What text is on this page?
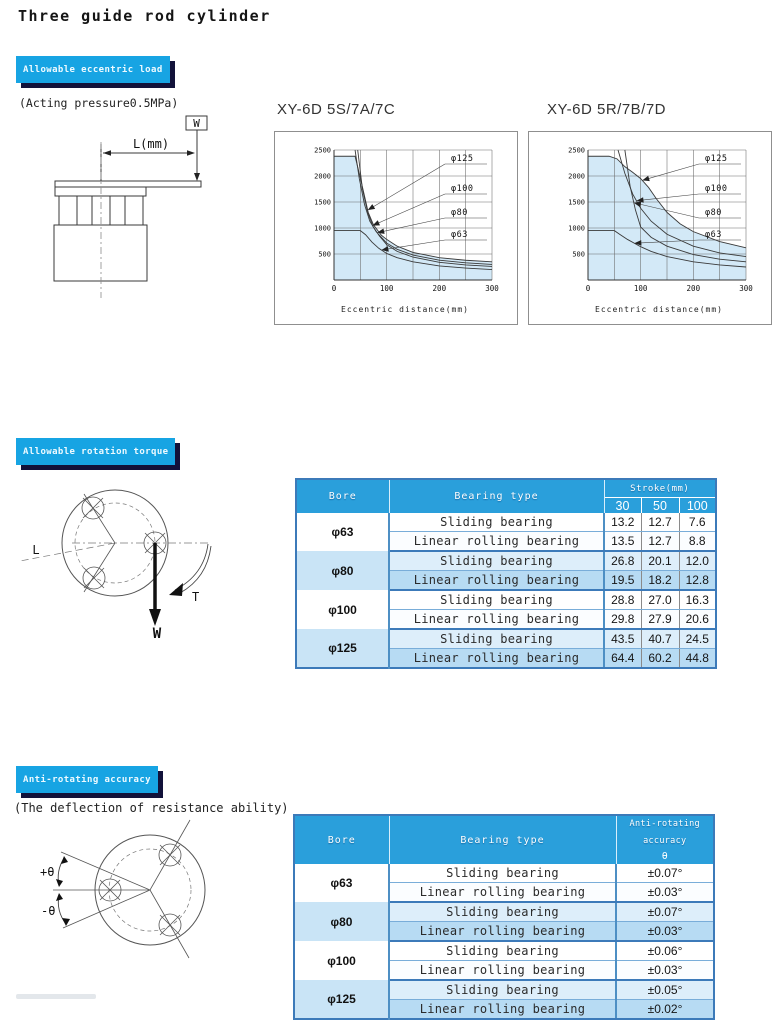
Three guide rod cylinder
Allowable eccentric load
(Acting pressure0.5MPa)
W
L(mm)
XY-6D 5S/7A/7C	XY-6D 5R/7B/7D
500
1000
1500
2000
2500
0	100	200	300
φ125
φ100
φ80
φ63
Eccentric distance(mm)
500
1000
1500
2000
2500
0	100	200	300
φ125
φ100
φ80
φ63
Eccentric distance(mm)
Allowable rotation torque
L
T
W
Bore	Bearing type	Stroke(mm)		
		30	50	100
φ63	Sliding bearing	13.2	12.7	7.6
	Linear rolling bearing	13.5	12.7	8.8
φ80	Sliding bearing	26.8	20.1	12.0
	Linear rolling bearing	19.5	18.2	12.8
φ100	Sliding bearing	28.8	27.0	16.3
	Linear rolling bearing	29.8	27.9	20.6
φ125	Sliding bearing	43.5	40.7	24.5
	Linear rolling bearing	64.4	60.2	44.8
Anti-rotating accuracy
(The deflection of resistance ability)
+θ
-θ
Bore	Bearing type	Anti-rotating accuracy
θ

φ63	Sliding bearing	±0.07°
	Linear rolling bearing	±0.03°
φ80	Sliding bearing	±0.07°
	Linear rolling bearing	±0.03°
φ100	Sliding bearing	±0.06°
	Linear rolling bearing	±0.03°
φ125	Sliding bearing	±0.05°
	Linear rolling bearing	±0.02°
